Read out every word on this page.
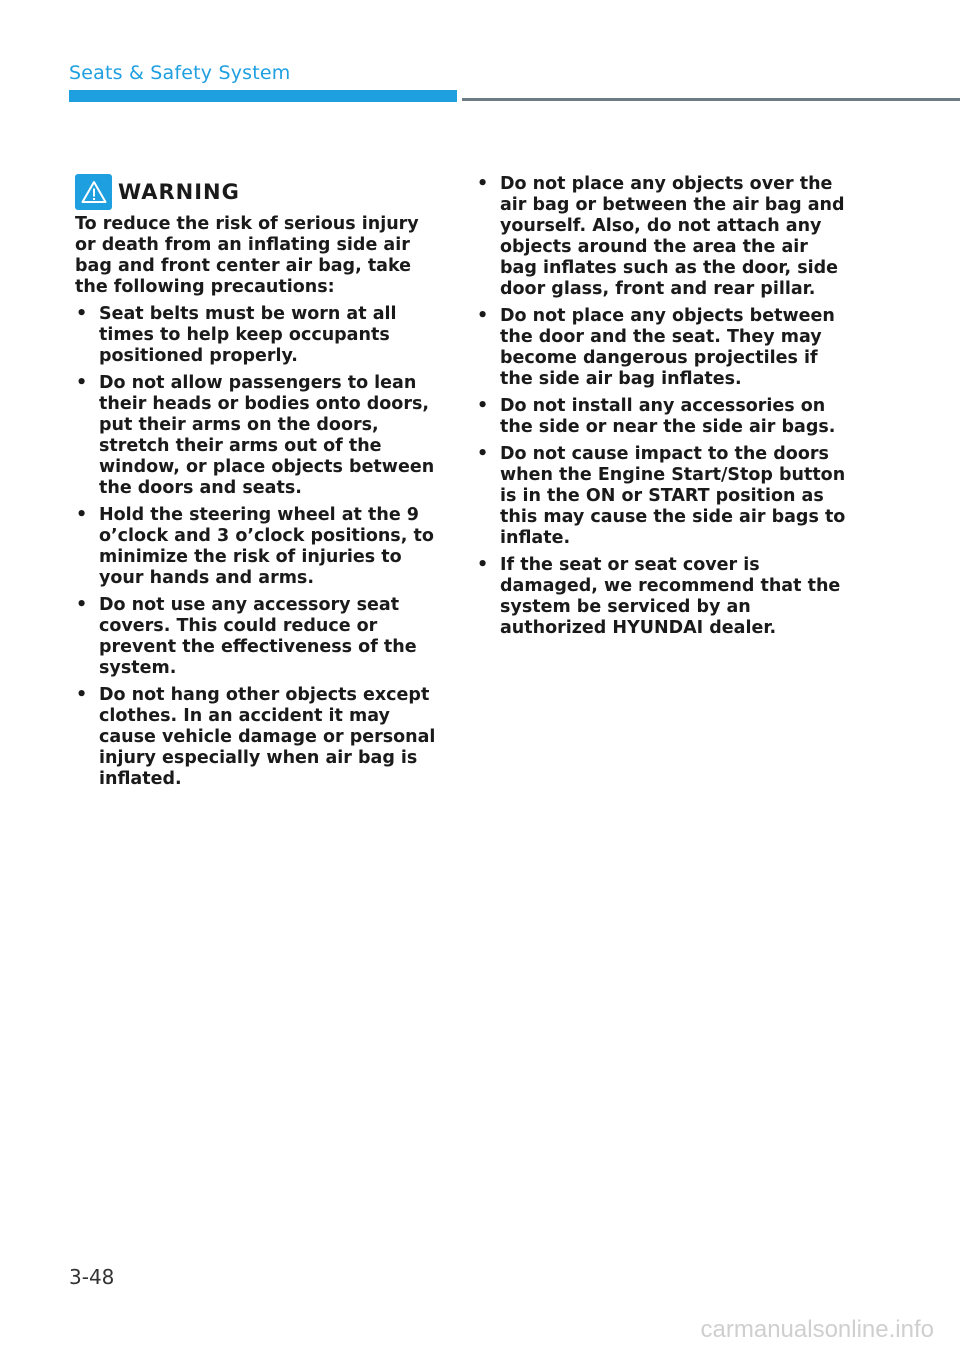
Seats & Safety System
WARNING

To reduce the risk of serious injury or death from an inflating side air bag and front center air bag, take the following precautions:

• Seat belts must be worn at all times to help keep occupants positioned properly.
• Do not allow passengers to lean their heads or bodies onto doors, put their arms on the doors, stretch their arms out of the window, or place objects between the doors and seats.
• Hold the steering wheel at the 9 o’clock and 3 o’clock positions, to minimize the risk of injuries to your hands and arms.
• Do not use any accessory seat covers. This could reduce or prevent the effectiveness of the system.
• Do not hang other objects except clothes. In an accident it may cause vehicle damage or personal injury especially when air bag is inflated.
• Do not place any objects over the air bag or between the air bag and yourself. Also, do not attach any objects around the area the air bag inflates such as the door, side door glass, front and rear pillar.
• Do not place any objects between the door and the seat. They may become dangerous projectiles if the side air bag inflates.
• Do not install any accessories on the side or near the side air bags.
• Do not cause impact to the doors when the Engine Start/Stop button is in the ON or START position as this may cause the side air bags to inflate.
• If the seat or seat cover is damaged, we recommend that the system be serviced by an authorized HYUNDAI dealer.
3-48
carmanualsonline.info
